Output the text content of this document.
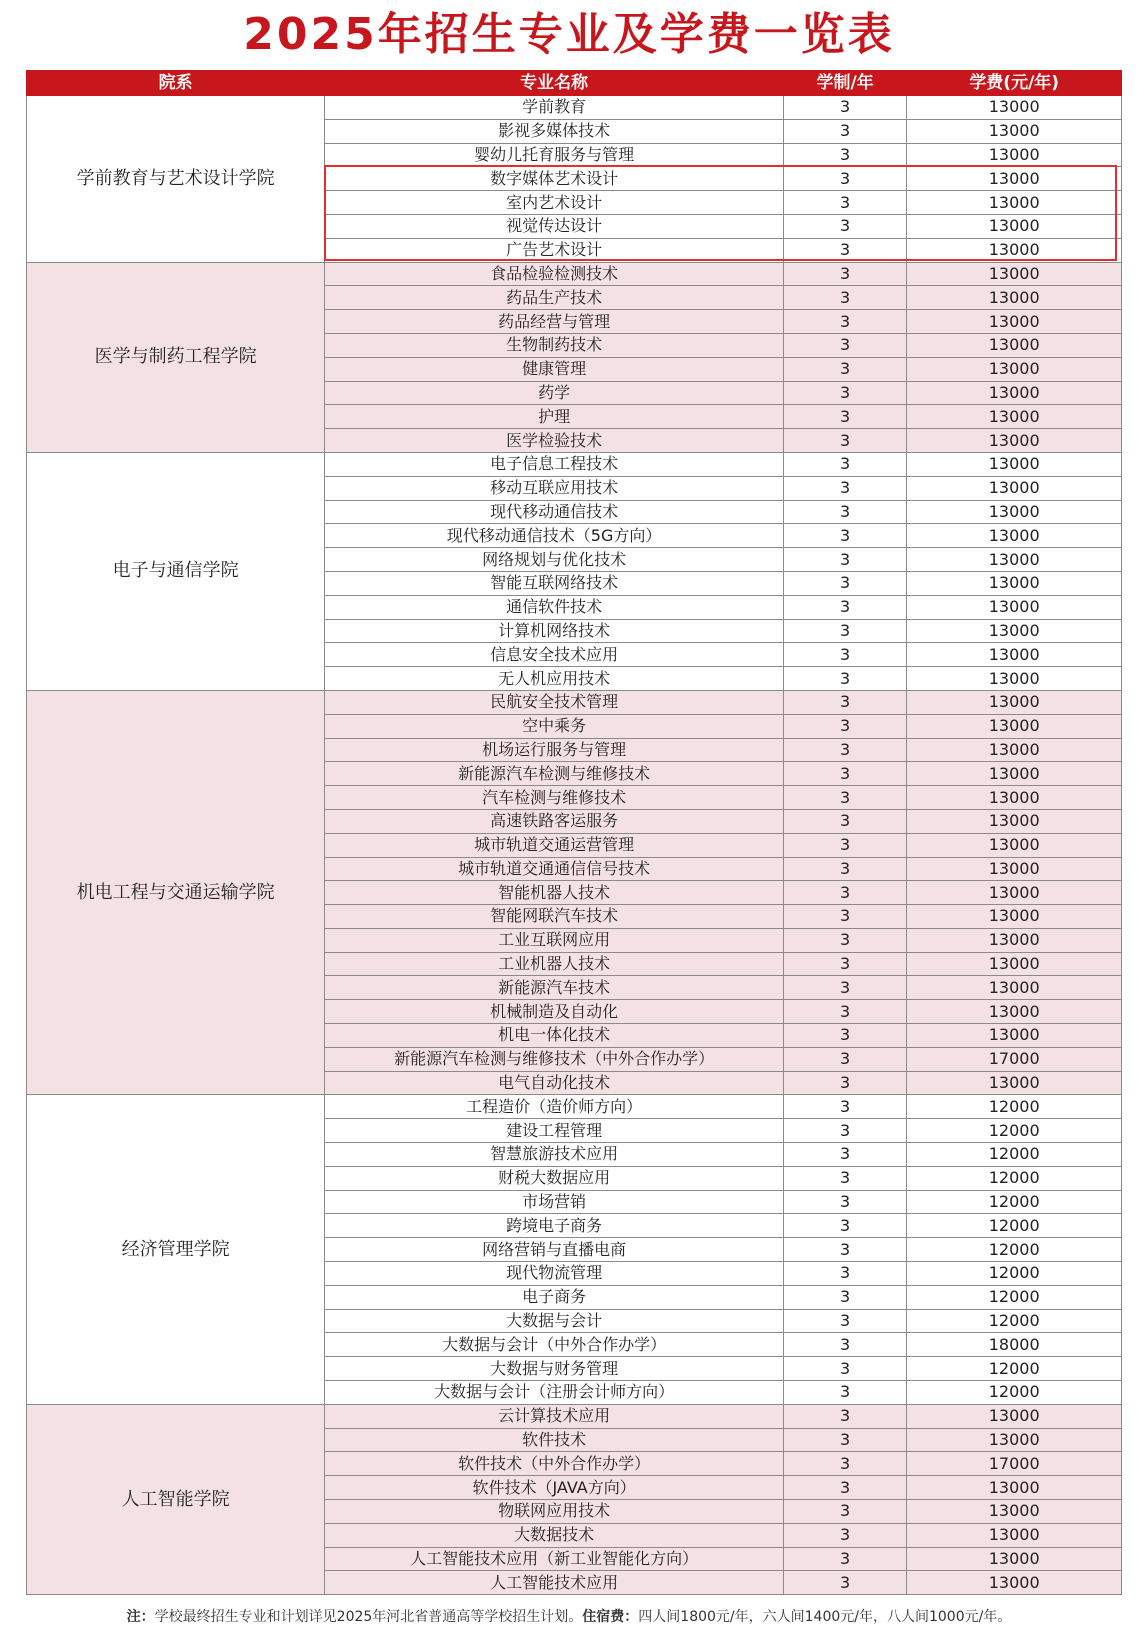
2025年招生专业及学费一览表
院系	专业名称	学制/年	学费(元/年)
学前教育与艺术设计学院	学前教育	3	13000
	影视多媒体技术	3	13000
	婴幼儿托育服务与管理	3	13000
	数字媒体艺术设计	3	13000
	室内艺术设计	3	13000
	视觉传达设计	3	13000
	广告艺术设计	3	13000
医学与制药工程学院	食品检验检测技术	3	13000
	药品生产技术	3	13000
	药品经营与管理	3	13000
	生物制药技术	3	13000
	健康管理	3	13000
	药学	3	13000
	护理	3	13000
	医学检验技术	3	13000
电子与通信学院	电子信息工程技术	3	13000
	移动互联应用技术	3	13000
	现代移动通信技术	3	13000
	现代移动通信技术（5G方向）	3	13000
	网络规划与优化技术	3	13000
	智能互联网络技术	3	13000
	通信软件技术	3	13000
	计算机网络技术	3	13000
	信息安全技术应用	3	13000
	无人机应用技术	3	13000
机电工程与交通运输学院	民航安全技术管理	3	13000
	空中乘务	3	13000
	机场运行服务与管理	3	13000
	新能源汽车检测与维修技术	3	13000
	汽车检测与维修技术	3	13000
	高速铁路客运服务	3	13000
	城市轨道交通运营管理	3	13000
	城市轨道交通通信信号技术	3	13000
	智能机器人技术	3	13000
	智能网联汽车技术	3	13000
	工业互联网应用	3	13000
	工业机器人技术	3	13000
	新能源汽车技术	3	13000
	机械制造及自动化	3	13000
	机电一体化技术	3	13000
	新能源汽车检测与维修技术（中外合作办学）	3	17000
	电气自动化技术	3	13000
经济管理学院	工程造价（造价师方向）	3	12000
	建设工程管理	3	12000
	智慧旅游技术应用	3	12000
	财税大数据应用	3	12000
	市场营销	3	12000
	跨境电子商务	3	12000
	网络营销与直播电商	3	12000
	现代物流管理	3	12000
	电子商务	3	12000
	大数据与会计	3	12000
	大数据与会计（中外合作办学）	3	18000
	大数据与财务管理	3	12000
	大数据与会计（注册会计师方向）	3	12000
人工智能学院	云计算技术应用	3	13000
	软件技术	3	13000
	软件技术（中外合作办学）	3	17000
	软件技术（JAVA方向）	3	13000
	物联网应用技术	3	13000
	大数据技术	3	13000
	人工智能技术应用（新工业智能化方向）	3	13000
	人工智能技术应用	3	13000
注：学校最终招生专业和计划详见2025年河北省普通高等学校招生计划。住宿费：四人间1800元/年，六人间1400元/年，八人间1000元/年。
